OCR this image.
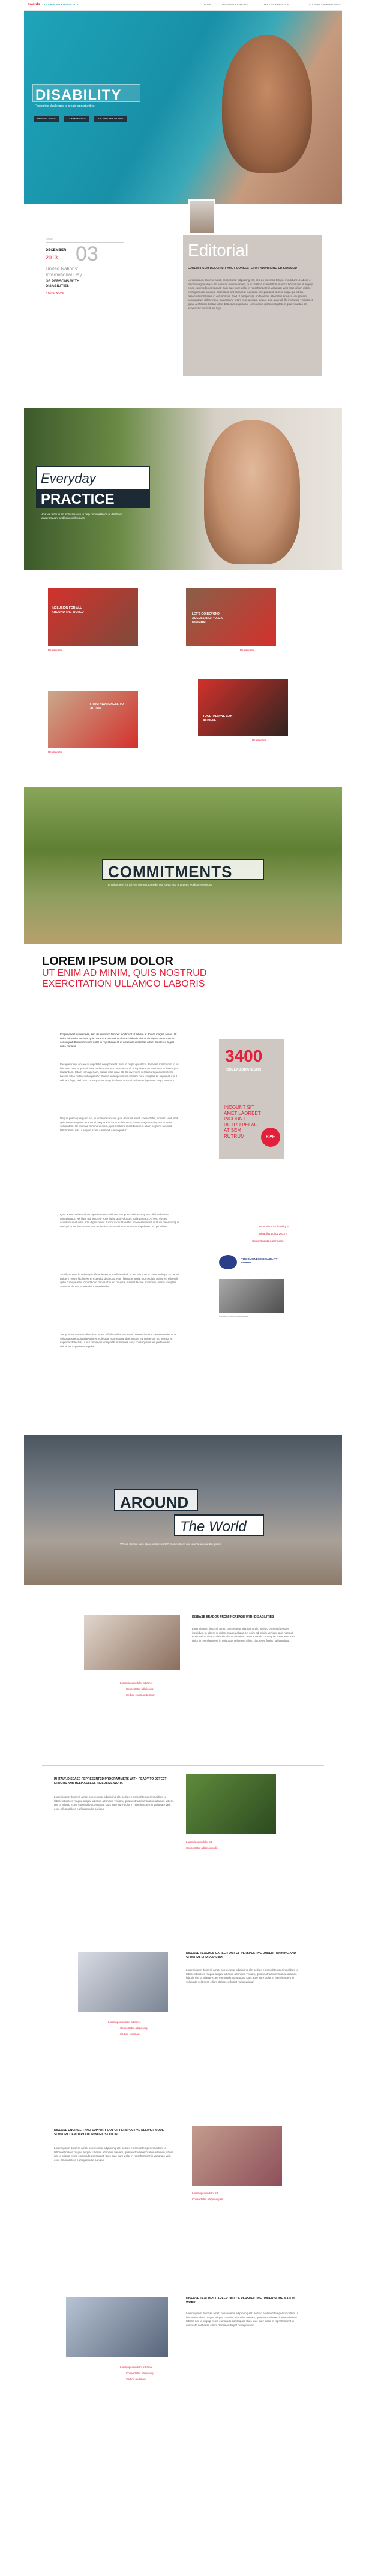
awards GLOBAL INCLUSION 2013	HOME	OVERVIEW & EDITORIAL	POLICIES & PRACTICE	COLUMNS & PERSPECTIVES
DISABILITY
Facing the challenges to create opportunities
PERSPECTIVES	COMMITMENTS	AROUND THE WORLD
ISSUE
DECEMBER
2013 03
United Nations'
International Day
OF PERSONS WITH
DISABILITIES
» READ MORE
Editorial
LOREM IPSUM DOLOR SIT AMET CONSECTETUR ADIPISCING ED EIUSMOD

Lorem ipsum dolor sit amet, consectetur adipiscing elit, sed do eiusmod tempor incididunt ut labore et dolore magna aliqua. Ut enim ad minim veniam, quis nostrud exercitation ullamco laboris nisi ut aliquip ex ea commodo consequat. Duis aute irure dolor in reprehenderit in voluptate velit esse cillum dolore eu fugiat nulla pariatur. Excepteur sint occaecat cupidatat non proident, sunt in culpa qui officia deserunt mollit anim id est laborum. Sed ut perspiciatis unde omnis iste natus error sit voluptatem accusantium doloremque laudantium, totam rem aperiam, eaque ipsa quae ab illo inventore veritatis et quasi architecto beatae vitae dicta sunt explicabo. Nemo enim ipsam voluptatem quia voluptas sit aspernatur aut odit aut fugit.

Everyday
PRACTICE
How we work in an inclusive way to help our workforce of disabled leaders taught and bring colleagues
INCLUSION FOR ALL AROUND THE WORLD
Read article
LET'S GO BEYOND ACCESSIBILITY AS A MINIMUM
Read article
FROM AWARENESS TO ACTION
Read article
TOGETHER WE CAN ACHIEVE
Read article
COMMITMENTS
Employment for all: we commit to make our ideas and practices work for everyone
LOREM IPSUM DOLOR
UT ENIM AD MINIM, QUIS NOSTRUD EXERCITATION ULLAMCO LABORIS

Employment awareness, sed do eiusmod tempor incididunt ut labore et dolore magna aliqua. Ut enim ad minim veniam, quis nostrud exercitation ullamco laboris nisi ut aliquip ex ea commodo consequat. Duis aute irure dolor in reprehenderit in voluptate velit esse cillum dolore eu fugiat nulla pariatur.

Excepteur sint occaecat cupidatat non proident, sunt in culpa qui officia deserunt mollit anim id est laborum. Sed ut perspiciatis unde omnis iste natus error sit voluptatem accusantium doloremque laudantium, totam rem aperiam, eaque ipsa quae ab illo inventore veritatis et quasi architecto beatae vitae dicta sunt explicabo. Nemo enim ipsam voluptatem quia voluptas sit aspernatur aut odit aut fugit, sed quia consequuntur magni dolores eos qui ratione voluptatem sequi nesciunt.

Neque porro quisquam est, qui dolorem ipsum quia dolor sit amet, consectetur, adipisci velit, sed quia non numquam eius modi tempora incidunt ut labore et dolore magnam aliquam quaerat voluptatem. Ut enim ad minima veniam, quis nostrum exercitationem ullam corporis suscipit laboriosam, nisi ut aliquid ex ea commodi consequatur.

Quis autem vel eum iure reprehenderit qui in ea voluptate velit esse quam nihil molestiae consequatur, vel illum qui dolorem eum fugiat quo voluptas nulla pariatur. At vero eos et accusamus et iusto odio dignissimos ducimus qui blanditiis praesentium voluptatum deleniti atque corrupti quos dolores et quas molestias excepturi sint occaecati cupiditate non provident.

Similique sunt in culpa qui officia deserunt mollitia animi, id est laborum et dolorum fuga. Et harum quidem rerum facilis est et expedita distinctio. Nam libero tempore, cum soluta nobis est eligendi optio cumque nihil impedit quo minus id quod maxime placeat facere possimus, omnis voluptas assumenda est, omnis dolor repellendus.

Temporibus autem quibusdam et aut officiis debitis aut rerum necessitatibus saepe eveniet ut et voluptates repudiandae sint et molestiae non recusandae. Itaque earum rerum hic tenetur a sapiente delectus, ut aut reiciendis voluptatibus maiores alias consequatur aut perferendis doloribus asperiores repellat.

3400
COLLABORATEURS
INCOUNT SIT AMET LAOREET INCOUNT RUTRU PELAU AT SEM RUTRUM	82%
Workplace & disability »
Disability policy 2013 »
Commitments & partners »
THE BUSINESS DISABILITY FORUM
Lorem ipsum dolor sit amet
AROUND
The World
Where does it take place in the world? Stories from our teams around the globe
DISEASE ERADOR FROM INCREASE WITH DISABILITIES

Lorem ipsum dolor sit amet, consectetur adipiscing elit, sed do eiusmod tempor incididunt ut labore et dolore magna aliqua. Ut enim ad minim veniam, quis nostrud exercitation ullamco laboris nisi ut aliquip ex ea commodo consequat. Duis aute irure dolor in reprehenderit in voluptate velit esse cillum dolore eu fugiat nulla pariatur.

Lorem ipsum dolor sit amet
Consectetur adipiscing
Sed do eiusmod tempor
IN ITALY, DISEASE REPRESENTED PROGRAMMERS WITH READY TO DETECT ERRORS AND HELP ASSESS INCLUSIVE WORK

Lorem ipsum dolor sit amet, consectetur adipiscing elit, sed do eiusmod tempor incididunt ut labore et dolore magna aliqua. Ut enim ad minim veniam, quis nostrud exercitation ullamco laboris nisi ut aliquip ex ea commodo consequat. Duis aute irure dolor in reprehenderit in voluptate velit esse cillum dolore eu fugiat nulla pariatur.

Lorem ipsum dolor sit
Consectetur adipiscing elit
DISEASE TEACHES CAREER OUT OF PERSPECTIVE UNDER TRAINING AND SUPPORT FOR PERSONS

Lorem ipsum dolor sit amet, consectetur adipiscing elit, sed do eiusmod tempor incididunt ut labore et dolore magna aliqua. Ut enim ad minim veniam, quis nostrud exercitation ullamco laboris nisi ut aliquip ex ea commodo consequat. Duis aute irure dolor in reprehenderit in voluptate velit esse cillum dolore eu fugiat nulla pariatur.

Lorem ipsum dolor sit amet
Consectetur adipiscing
Sed do eiusmod
DISEASE ENGINEER AND SUPPORT OUT OF PERSPECTIVE DELIVER MODE SUPPORT OF ADAPTATION WORK STATION

Lorem ipsum dolor sit amet, consectetur adipiscing elit, sed do eiusmod tempor incididunt ut labore et dolore magna aliqua. Ut enim ad minim veniam, quis nostrud exercitation ullamco laboris nisi ut aliquip ex ea commodo consequat. Duis aute irure dolor in reprehenderit in voluptate velit esse cillum dolore eu fugiat nulla pariatur.

Lorem ipsum dolor sit
Consectetur adipiscing elit
DISEASE TEACHES CAREER OUT OF PERSPECTIVE UNDER SOME MATCH WORK

Lorem ipsum dolor sit amet, consectetur adipiscing elit, sed do eiusmod tempor incididunt ut labore et dolore magna aliqua. Ut enim ad minim veniam, quis nostrud exercitation ullamco laboris nisi ut aliquip ex ea commodo consequat. Duis aute irure dolor in reprehenderit in voluptate velit esse cillum dolore eu fugiat nulla pariatur.

Lorem ipsum dolor sit amet
Consectetur adipiscing
Sed do eiusmod
